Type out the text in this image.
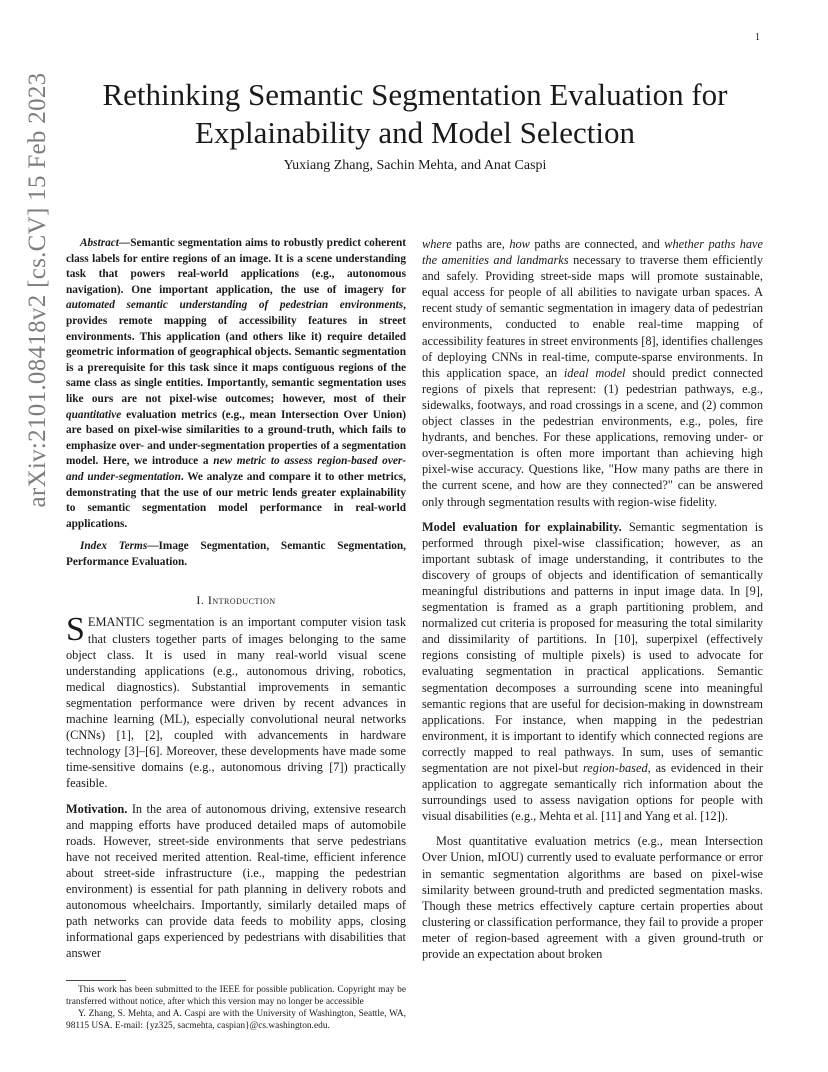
1
arXiv:2101.08418v2 [cs.CV] 15 Feb 2023	Rethinking Semantic Segmentation Evaluation for Explainability and Model Selection
Yuxiang Zhang, Sachin Mehta, and Anat Caspi

Abstract—Semantic segmentation aims to robustly predict coherent class labels for entire regions of an image. It is a scene understanding task that powers real-world applications (e.g., autonomous navigation). One important application, the use of imagery for automated semantic understanding of pedestrian environments, provides remote mapping of accessibility features in street environments. This application (and others like it) require detailed geometric information of geographical objects. Semantic segmentation is a prerequisite for this task since it maps contiguous regions of the same class as single entities. Importantly, semantic segmentation uses like ours are not pixel-wise outcomes; however, most of their quantitative evaluation metrics (e.g., mean Intersection Over Union) are based on pixel-wise similarities to a ground-truth, which fails to emphasize over- and under-segmentation properties of a segmentation model. Here, we introduce a new metric to assess region-based over- and under-segmentation. We analyze and compare it to other metrics, demonstrating that the use of our metric lends greater explainability to semantic segmentation model performance in real-world applications.

Index Terms—Image Segmentation, Semantic Segmentation, Performance Evaluation.

I. Introduction

SEMANTIC segmentation is an important computer vision task that clusters together parts of images belonging to the same object class. It is used in many real-world visual scene understanding applications (e.g., autonomous driving, robotics, medical diagnostics). Substantial improvements in semantic segmentation performance were driven by recent advances in machine learning (ML), especially convolutional neural networks (CNNs) [1], [2], coupled with advancements in hardware technology [3]–[6]. Moreover, these developments have made some time-sensitive domains (e.g., autonomous driving [7]) practically feasible.

Motivation. In the area of autonomous driving, extensive research and mapping efforts have produced detailed maps of automobile roads. However, street-side environments that serve pedestrians have not received merited attention. Real-time, efficient inference about street-side infrastructure (i.e., mapping the pedestrian environment) is essential for path planning in delivery robots and autonomous wheelchairs. Importantly, similarly detailed maps of path networks can provide data feeds to mobility apps, closing informational gaps experienced by pedestrians with disabilities that answer

This work has been submitted to the IEEE for possible publication. Copyright may be transferred without notice, after which this version may no longer be accessible

Y. Zhang, S. Mehta, and A. Caspi are with the University of Washington, Seattle, WA, 98115 USA. E-mail: {yz325, sacmehta, caspian}@cs.washington.edu.

where paths are, how paths are connected, and whether paths have the amenities and landmarks necessary to traverse them efficiently and safely. Providing street-side maps will promote sustainable, equal access for people of all abilities to navigate urban spaces. A recent study of semantic segmentation in imagery data of pedestrian environments, conducted to enable real-time mapping of accessibility features in street environments [8], identifies challenges of deploying CNNs in real-time, compute-sparse environments. In this application space, an ideal model should predict connected regions of pixels that represent: (1) pedestrian pathways, e.g., sidewalks, footways, and road crossings in a scene, and (2) common object classes in the pedestrian environments, e.g., poles, fire hydrants, and benches. For these applications, removing under- or over-segmentation is often more important than achieving high pixel-wise accuracy. Questions like, "How many paths are there in the current scene, and how are they connected?" can be answered only through segmentation results with region-wise fidelity.

Model evaluation for explainability. Semantic segmentation is performed through pixel-wise classification; however, as an important subtask of image understanding, it contributes to the discovery of groups of objects and identification of semantically meaningful distributions and patterns in input image data. In [9], segmentation is framed as a graph partitioning problem, and normalized cut criteria is proposed for measuring the total similarity and dissimilarity of partitions. In [10], superpixel (effectively regions consisting of multiple pixels) is used to advocate for evaluating segmentation in practical applications. Semantic segmentation decomposes a surrounding scene into meaningful semantic regions that are useful for decision-making in downstream applications. For instance, when mapping in the pedestrian environment, it is important to identify which connected regions are correctly mapped to real pathways. In sum, uses of semantic segmentation are not pixel-but region-based, as evidenced in their application to aggregate semantically rich information about the surroundings used to assess navigation options for people with visual disabilities (e.g., Mehta et al. [11] and Yang et al. [12]).

Most quantitative evaluation metrics (e.g., mean Intersection Over Union, mIOU) currently used to evaluate performance or error in semantic segmentation algorithms are based on pixel-wise similarity between ground-truth and predicted segmentation masks. Though these metrics effectively capture certain properties about clustering or classification performance, they fail to provide a proper meter of region-based agreement with a given ground-truth or provide an expectation about broken
